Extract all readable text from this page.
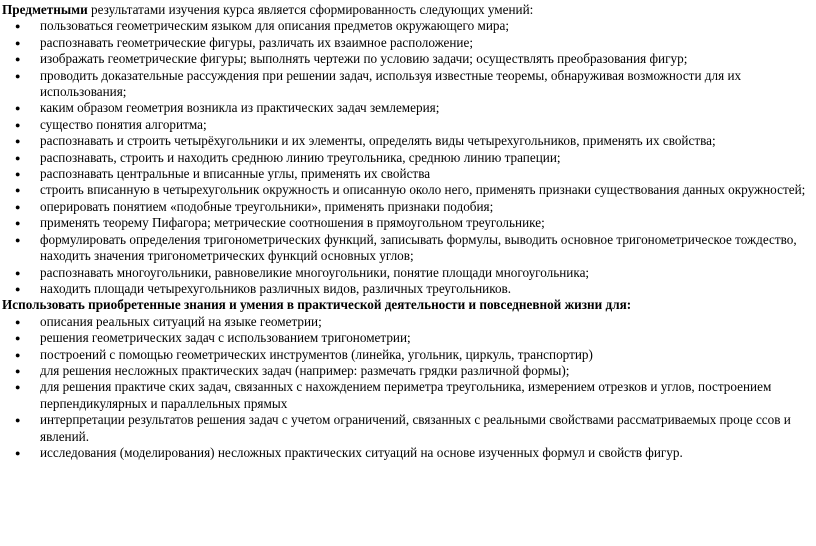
Предметными результатами изучения курса является сформированность следующих умений:

● пользоваться геометрическим языком для описания предметов окружающего мира;
● распознавать геометрические фигуры, различать их взаимное расположение;
● изображать геометрические фигуры; выполнять чертежи по условию задачи; осуществлять преобразования фигур;
● проводить доказательные рассуждения при решении задач, используя известные теоремы, обнаруживая возможности для их использования;
● каким образом геометрия возникла из практических задач землемерия;
● существо понятия алгоритма;
● распознавать и строить четырёхугольники и их элементы, определять виды четырехугольников, применять их свойства;
● распознавать, строить и находить среднюю линию треугольника, среднюю линию трапеции;
● распознавать центральные и вписанные углы, применять их свойства
● строить вписанную в четырехугольник окружность и описанную около него, применять признаки существования данных окружностей;
● оперировать понятием «подобные треугольники», применять признаки подобия;
● применять теорему Пифагора; метрические соотношения в прямоугольном треугольнике;
● формулировать определения тригонометрических функций, записывать формулы, выводить основное тригонометрическое тождество, находить значения тригонометрических функций основных углов;
● распознавать многоугольники, равновеликие многоугольники, понятие площади многоугольника;
● находить площади четырехугольников различных видов, различных треугольников.

Использовать приобретенные знания и умения в практической деятельности и повседневной жизни для:

● описания реальных ситуаций на языке геометрии;
● решения геометрических задач с использованием тригонометрии;
● построений с помощью геометрических инструментов (линейка, угольник, циркуль, транспортир)
● для решения несложных практических задач (например: размечать грядки различной формы);
● для решения практиче ских задач, связанных с нахождением периметра треугольника, измерением отрезков и углов, построением перпендикулярных и параллельных прямых
● интерпретации результатов решения задач с учетом ограничений, связанных с реальными свойствами рассматриваемых проце ссов и явлений.
● исследования (моделирования) несложных практических ситуаций на основе изученных формул и свойств фигур.
